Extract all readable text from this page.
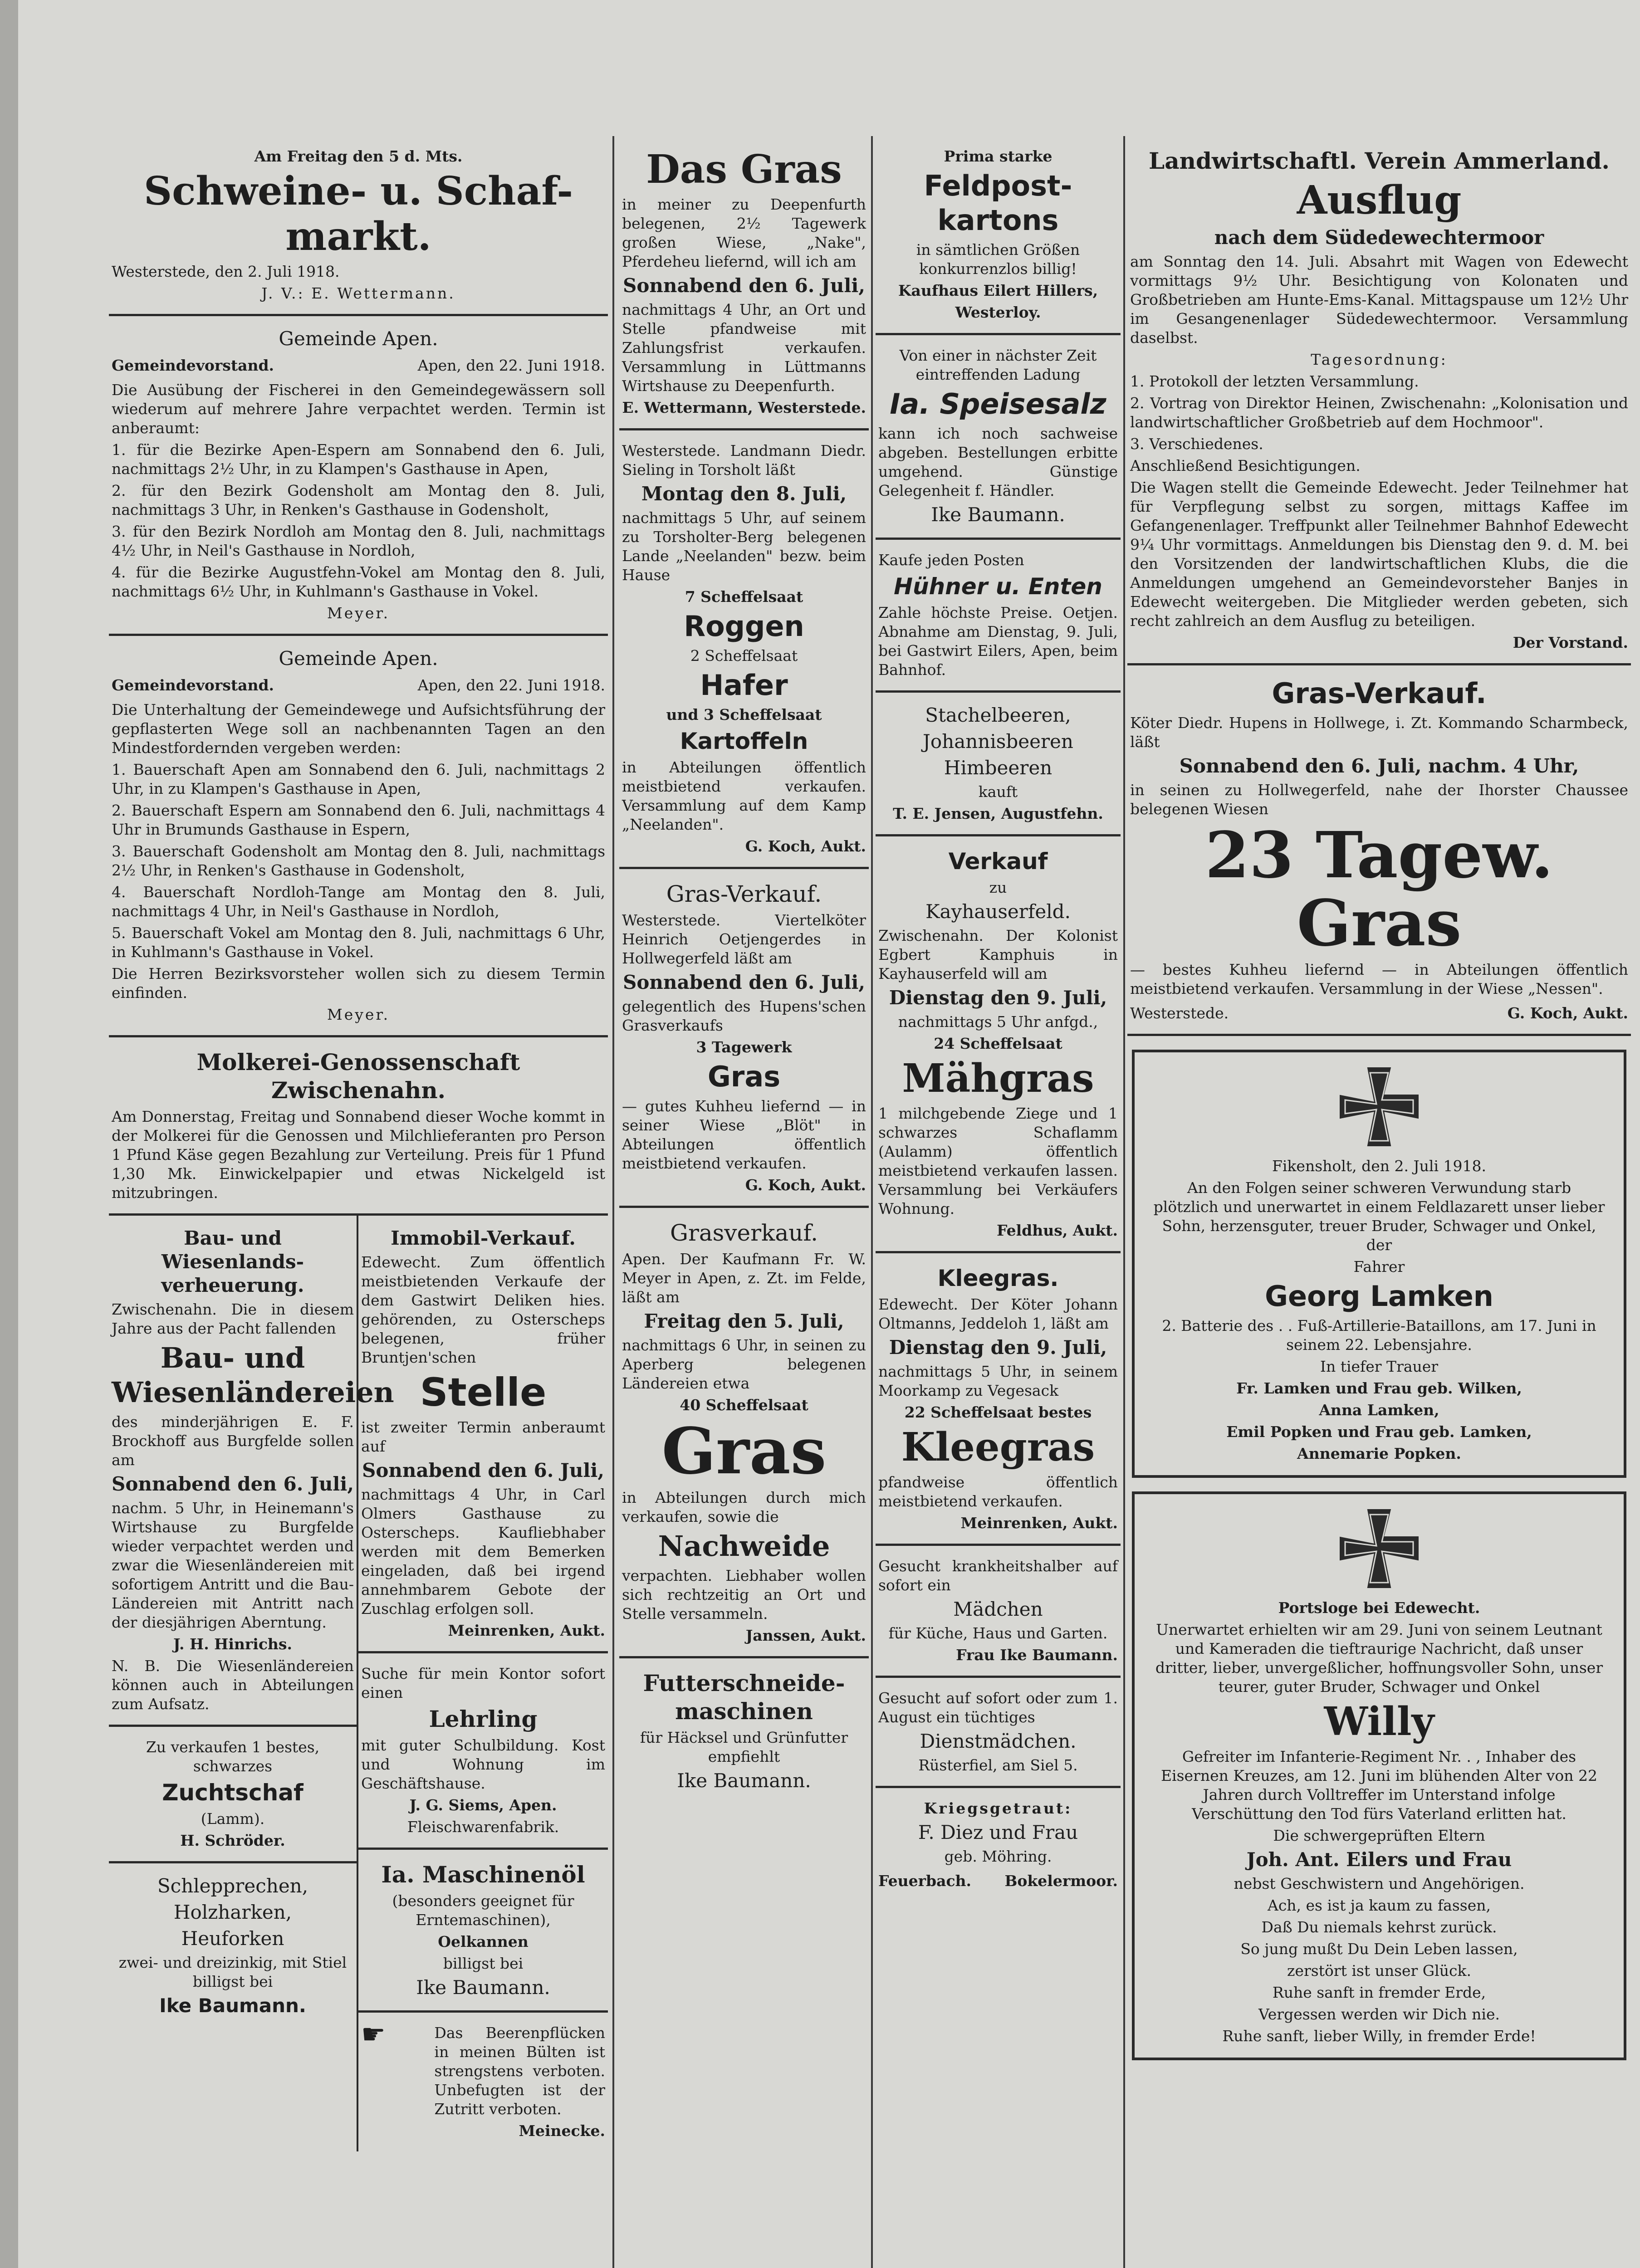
Am Freitag den 5 d. Mts.

Schweine- u. Schaf-markt.

Westerstede, den 2. Juli 1918.

J. V.: E. Wettermann.

Gemeinde Apen.

Gemeindevorstand.	Apen, den 22. Juni 1918.

Die Ausübung der Fischerei in den Gemeindegewässern soll wiederum auf mehrere Jahre verpachtet werden. Termin ist anberaumt:

1. für die Bezirke Apen-Espern am Sonnabend den 6. Juli, nachmittags 2½ Uhr, in zu Klampen's Gasthause in Apen,

2. für den Bezirk Godensholt am Montag den 8. Juli, nachmittags 3 Uhr, in Renken's Gasthause in Godensholt,

3. für den Bezirk Nordloh am Montag den 8. Juli, nachmittags 4½ Uhr, in Neil's Gasthause in Nordloh,

4. für die Bezirke Augustfehn-Vokel am Montag den 8. Juli, nachmittags 6½ Uhr, in Kuhlmann's Gasthause in Vokel.

Meyer.

Gemeinde Apen.

Gemeindevorstand.	Apen, den 22. Juni 1918.

Die Unterhaltung der Gemeindewege und Aufsichtsführung der gepflasterten Wege soll an nachbenannten Tagen an den Mindestfordernden vergeben werden:

1. Bauerschaft Apen am Sonnabend den 6. Juli, nachmittags 2 Uhr, in zu Klampen's Gasthause in Apen,

2. Bauerschaft Espern am Sonnabend den 6. Juli, nachmittags 4 Uhr in Brumunds Gasthause in Espern,

3. Bauerschaft Godensholt am Montag den 8. Juli, nachmittags 2½ Uhr, in Renken's Gasthause in Godensholt,

4. Bauerschaft Nordloh-Tange am Montag den 8. Juli, nachmittags 4 Uhr, in Neil's Gasthause in Nordloh,

5. Bauerschaft Vokel am Montag den 8. Juli, nachmittags 6 Uhr, in Kuhlmann's Gasthause in Vokel.

Die Herren Bezirksvorsteher wollen sich zu diesem Termin einfinden.

Meyer.

Molkerei-Genossenschaft Zwischenahn.

Am Donnerstag, Freitag und Sonnabend dieser Woche kommt in der Molkerei für die Genossen und Milchlieferanten pro Person 1 Pfund Käse gegen Bezahlung zur Verteilung. Preis für 1 Pfund 1,30 Mk. Einwickelpapier und etwas Nickelgeld ist mitzubringen.

Bau- und Wiesenlands-verheuerung.

Zwischenahn. Die in diesem Jahre aus der Pacht fallenden

Bau- und Wiesenländereien

des minderjährigen E. F. Brockhoff aus Burgfelde sollen am

Sonnabend den 6. Juli,

nachm. 5 Uhr, in Heinemann's Wirtshause zu Burgfelde wieder verpachtet werden und zwar die Wiesenländereien mit sofortigem Antritt und die Bau-Ländereien mit Antritt nach der diesjährigen Aberntung.

J. H. Hinrichs.

N. B. Die Wiesenländereien können auch in Abteilungen zum Aufsatz.

Zu verkaufen 1 bestes, schwarzes

Zuchtschaf

(Lamm).

H. Schröder.

Schlepprechen,

Holzharken,

Heuforken

zwei- und dreizinkig, mit Stiel billigst bei

Ike Baumann.

Immobil-Verkauf.

Edewecht. Zum öffentlich meistbietenden Verkaufe der dem Gastwirt Deliken hies. gehörenden, zu Osterscheps belegenen, früher Bruntjen'schen

Stelle

ist zweiter Termin anberaumt auf

Sonnabend den 6. Juli,

nachmittags 4 Uhr, in Carl Olmers Gasthause zu Osterscheps. Kaufliebhaber werden mit dem Bemerken eingeladen, daß bei irgend annehmbarem Gebote der Zuschlag erfolgen soll.

Meinrenken, Aukt.

Suche für mein Kontor sofort einen

Lehrling

mit guter Schulbildung. Kost und Wohnung im Geschäftshause.

J. G. Siems, Apen.

Fleischwarenfabrik.

Ia. Maschinenöl

(besonders geeignet für Erntemaschinen),

Oelkannen

billigst bei

Ike Baumann.

☛	Das Beerenpflücken in meinen Bülten ist strengstens verboten. Unbefugten ist der Zutritt verboten.

Meinecke.

Das Gras

in meiner zu Deepenfurth belegenen, 2½ Tagewerk großen Wiese, „Nake", Pferdeheu liefernd, will ich am

Sonnabend den 6. Juli,

nachmittags 4 Uhr, an Ort und Stelle pfandweise mit Zahlungsfrist verkaufen. Versammlung in Lüttmanns Wirtshause zu Deepenfurth.

E. Wettermann, Westerstede.

Westerstede. Landmann Diedr. Sieling in Torsholt läßt

Montag den 8. Juli,

nachmittags 5 Uhr, auf seinem zu Torsholter-Berg belegenen Lande „Neelanden" bezw. beim Hause

7 Scheffelsaat

Roggen

2 Scheffelsaat

Hafer

und 3 Scheffelsaat

Kartoffeln

in Abteilungen öffentlich meistbietend verkaufen. Versammlung auf dem Kamp „Neelanden".

G. Koch, Aukt.

Gras-Verkauf.

Westerstede. Viertelköter Heinrich Oetjengerdes in Hollwegerfeld läßt am

Sonnabend den 6. Juli,

gelegentlich des Hupens'schen Grasverkaufs

3 Tagewerk

Gras

— gutes Kuhheu liefernd — in seiner Wiese „Blöt" in Abteilungen öffentlich meistbietend verkaufen.

G. Koch, Aukt.

Grasverkauf.

Apen. Der Kaufmann Fr. W. Meyer in Apen, z. Zt. im Felde, läßt am

Freitag den 5. Juli,

nachmittags 6 Uhr, in seinen zu Aperberg belegenen Ländereien etwa

40 Scheffelsaat

Gras

in Abteilungen durch mich verkaufen, sowie die

Nachweide

verpachten. Liebhaber wollen sich rechtzeitig an Ort und Stelle versammeln.

Janssen, Aukt.

Futterschneide-maschinen

für Häcksel und Grünfutter empfiehlt

Ike Baumann.

Prima starke

Feldpost-kartons

in sämtlichen Größen konkurrenzlos billig!

Kaufhaus Eilert Hillers,

Westerloy.

Von einer in nächster Zeit eintreffenden Ladung

Ia. Speisesalz

kann ich noch sachweise abgeben. Bestellungen erbitte umgehend. Günstige Gelegenheit f. Händler.

Ike Baumann.

Kaufe jeden Posten

Hühner u. Enten

Zahle höchste Preise. Oetjen. Abnahme am Dienstag, 9. Juli, bei Gastwirt Eilers, Apen, beim Bahnhof.

Stachelbeeren,

Johannisbeeren

Himbeeren

kauft

T. E. Jensen, Augustfehn.

Verkauf

zu

Kayhauserfeld.

Zwischenahn. Der Kolonist Egbert Kamphuis in Kayhauserfeld will am

Dienstag den 9. Juli,

nachmittags 5 Uhr anfgd.,

24 Scheffelsaat

Mähgras

1 milchgebende Ziege und 1 schwarzes Schaflamm (Aulamm) öffentlich meistbietend verkaufen lassen. Versammlung bei Verkäufers Wohnung.

Feldhus, Aukt.

Kleegras.

Edewecht. Der Köter Johann Oltmanns, Jeddeloh 1, läßt am

Dienstag den 9. Juli,

nachmittags 5 Uhr, in seinem Moorkamp zu Vegesack

22 Scheffelsaat bestes

Kleegras

pfandweise öffentlich meistbietend verkaufen.

Meinrenken, Aukt.

Gesucht krankheitshalber auf sofort ein

Mädchen

für Küche, Haus und Garten.

Frau Ike Baumann.

Gesucht auf sofort oder zum 1. August ein tüchtiges

Dienstmädchen.

Rüsterfiel, am Siel 5.

Kriegsgetraut:

F. Diez und Frau

geb. Möhring.

Feuerbach.	Bokelermoor.

Landwirtschaftl. Verein Ammerland.

Ausflug

nach dem Südedewechtermoor

am Sonntag den 14. Juli. Absahrt mit Wagen von Edewecht vormittags 9½ Uhr. Besichtigung von Kolonaten und Großbetrieben am Hunte-Ems-Kanal. Mittagspause um 12½ Uhr im Gesangenenlager Südedewechtermoor. Versammlung daselbst.

Tagesordnung:

1. Protokoll der letzten Versammlung.

2. Vortrag von Direktor Heinen, Zwischenahn: „Kolonisation und landwirtschaftlicher Großbetrieb auf dem Hochmoor".

3. Verschiedenes.

Anschließend Besichtigungen.

Die Wagen stellt die Gemeinde Edewecht. Jeder Teilnehmer hat für Verpflegung selbst zu sorgen, mittags Kaffee im Gefangenenlager. Treffpunkt aller Teilnehmer Bahnhof Edewecht 9¼ Uhr vormittags. Anmeldungen bis Dienstag den 9. d. M. bei den Vorsitzenden der landwirtschaftlichen Klubs, die die Anmeldungen umgehend an Gemeindevorsteher Banjes in Edewecht weitergeben. Die Mitglieder werden gebeten, sich recht zahlreich an dem Ausflug zu beteiligen.

Der Vorstand.

Gras-Verkauf.

Köter Diedr. Hupens in Hollwege, i. Zt. Kommando Scharmbeck, läßt

Sonnabend den 6. Juli, nachm. 4 Uhr,

in seinen zu Hollwegerfeld, nahe der Ihorster Chaussee belegenen Wiesen

23 Tagew. Gras

— bestes Kuhheu liefernd — in Abteilungen öffentlich meistbietend verkaufen. Versammlung in der Wiese „Nessen".

Westerstede.	G. Koch, Aukt.

Fikensholt, den 2. Juli 1918.

An den Folgen seiner schweren Verwundung starb plötzlich und unerwartet in einem Feldlazarett unser lieber Sohn, herzensguter, treuer Bruder, Schwager und Onkel, der

Fahrer

Georg Lamken

2. Batterie des . . Fuß-Artillerie-Bataillons, am 17. Juni in seinem 22. Lebensjahre.

In tiefer Trauer

Fr. Lamken und Frau geb. Wilken,

Anna Lamken,

Emil Popken und Frau geb. Lamken,

Annemarie Popken.

Portsloge bei Edewecht.

Unerwartet erhielten wir am 29. Juni von seinem Leutnant und Kameraden die tieftraurige Nachricht, daß unser dritter, lieber, unvergeßlicher, hoffnungsvoller Sohn, unser teurer, guter Bruder, Schwager und Onkel

Willy

Gefreiter im Infanterie-Regiment Nr. . , Inhaber des Eisernen Kreuzes, am 12. Juni im blühenden Alter von 22 Jahren durch Volltreffer im Unterstand infolge Verschüttung den Tod fürs Vaterland erlitten hat.

Die schwergeprüften Eltern

Joh. Ant. Eilers und Frau

nebst Geschwistern und Angehörigen.

Ach, es ist ja kaum zu fassen,

Daß Du niemals kehrst zurück.

So jung mußt Du Dein Leben lassen,

zerstört ist unser Glück.

Ruhe sanft in fremder Erde,

Vergessen werden wir Dich nie.

Ruhe sanft, lieber Willy, in fremder Erde!
